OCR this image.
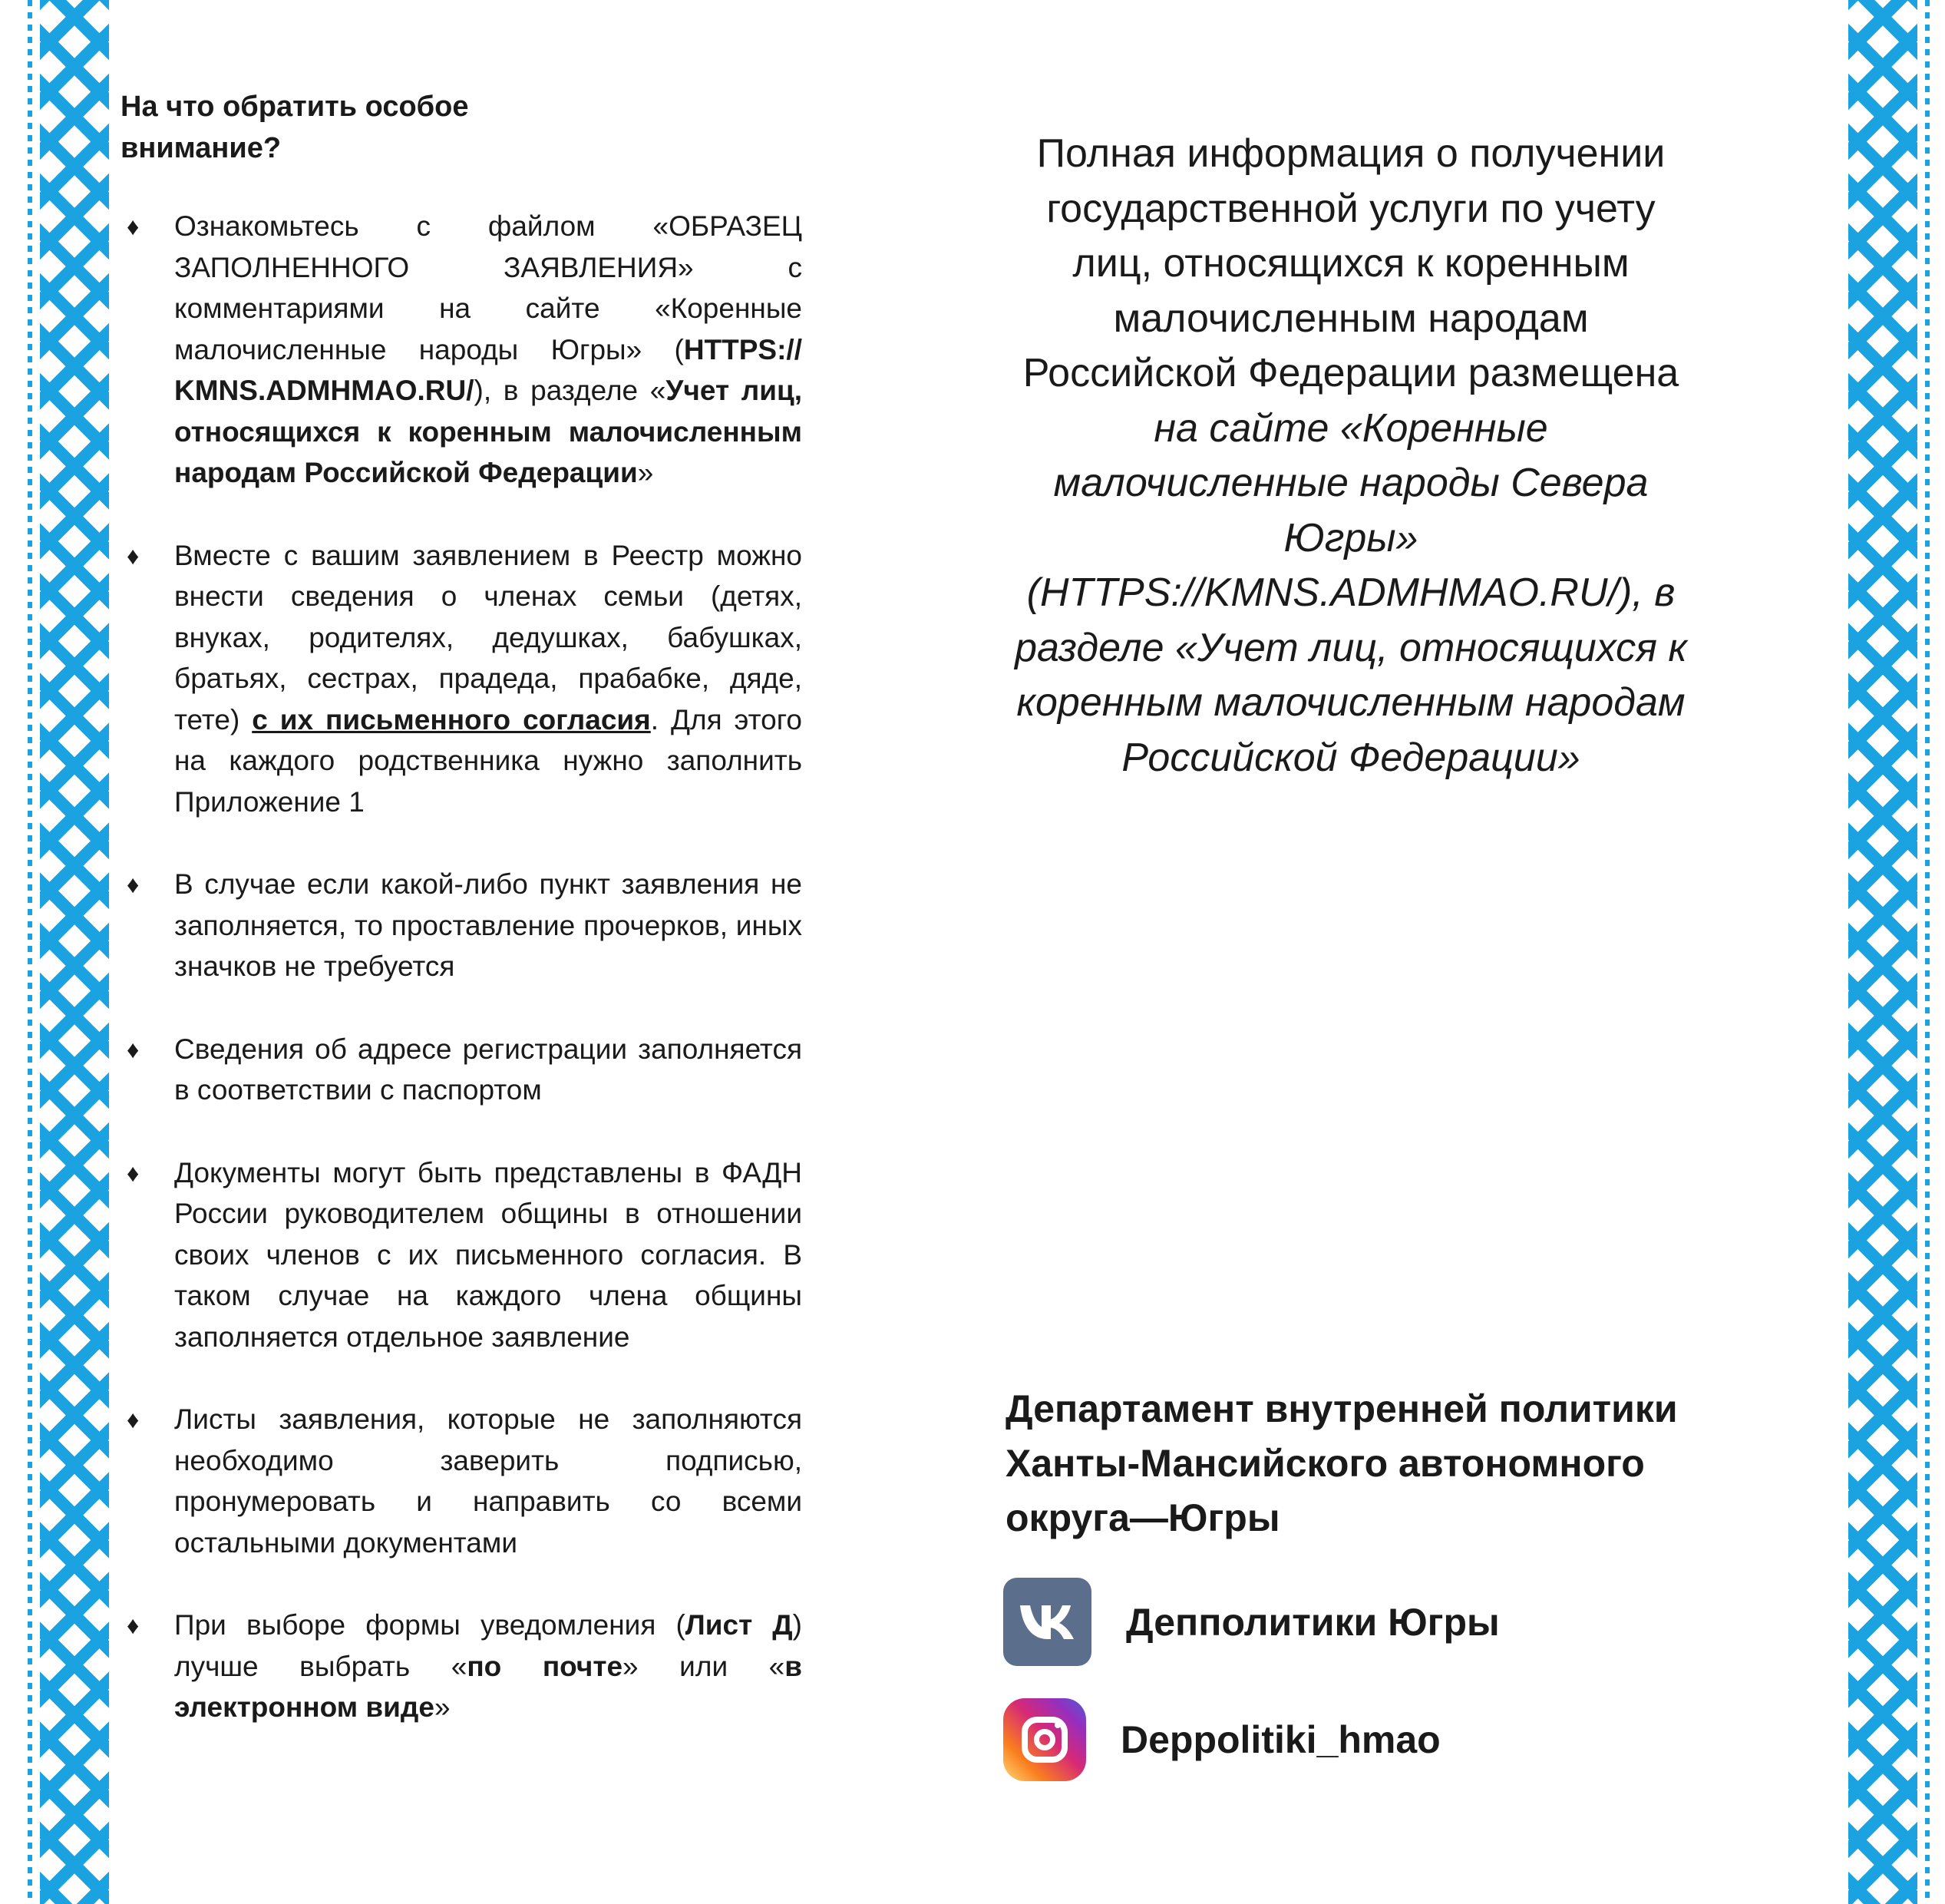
На что обратить особое внимание?
♦ Ознакомьтесь с файлом «ОБРАЗЕЦ ЗАПОЛНЕННОГО ЗАЯВЛЕНИЯ» с комментариями на сайте «Коренные малочисленные народы Югры» (HTTPS:// KMNS.ADMHMAO.RU/), в разделе «Учет лиц, относящихся к коренным малочисленным народам Российской Федерации»
♦ Вместе с вашим заявлением в Реестр можно внести сведения о членах семьи (детях, внуках, родителях, дедушках, бабушках, братьях, сестрах, прадеда, прабабке, дяде, тете) с их письменного согласия. Для этого на каждого родственника нужно заполнить Приложение 1
♦ В случае если какой-либо пункт заявления не заполняется, то проставление прочерков, иных значков не требуется
♦ Сведения об адресе регистрации заполняется в соответствии с паспортом
♦ Документы могут быть представлены в ФАДН России руководителем общины в отношении своих членов с их письменного согласия. В таком случае на каждого члена общины заполняется отдельное заявление
♦ Листы заявления, которые не заполняются необходимо заверить подписью, пронумеровать и направить со всеми остальными документами
♦ При выборе формы уведомления (Лист Д) лучше выбрать «по почте» или «в электронном виде»
Полная информация о получении
государственной услуги по учету
лиц, относящихся к коренным
малочисленным народам
Российской Федерации размещена
на сайте «Коренные
малочисленные народы Севера
Югры»
(HTTPS://KMNS.ADMHMAO.RU/), в
разделе «Учет лиц, относящихся к
коренным малочисленным народам
Российской Федерации»
Департамент внутренней политики
Ханты-Мансийского автономного
округа—Югры
Депполитики Югры
Deppolitiki_hmao
